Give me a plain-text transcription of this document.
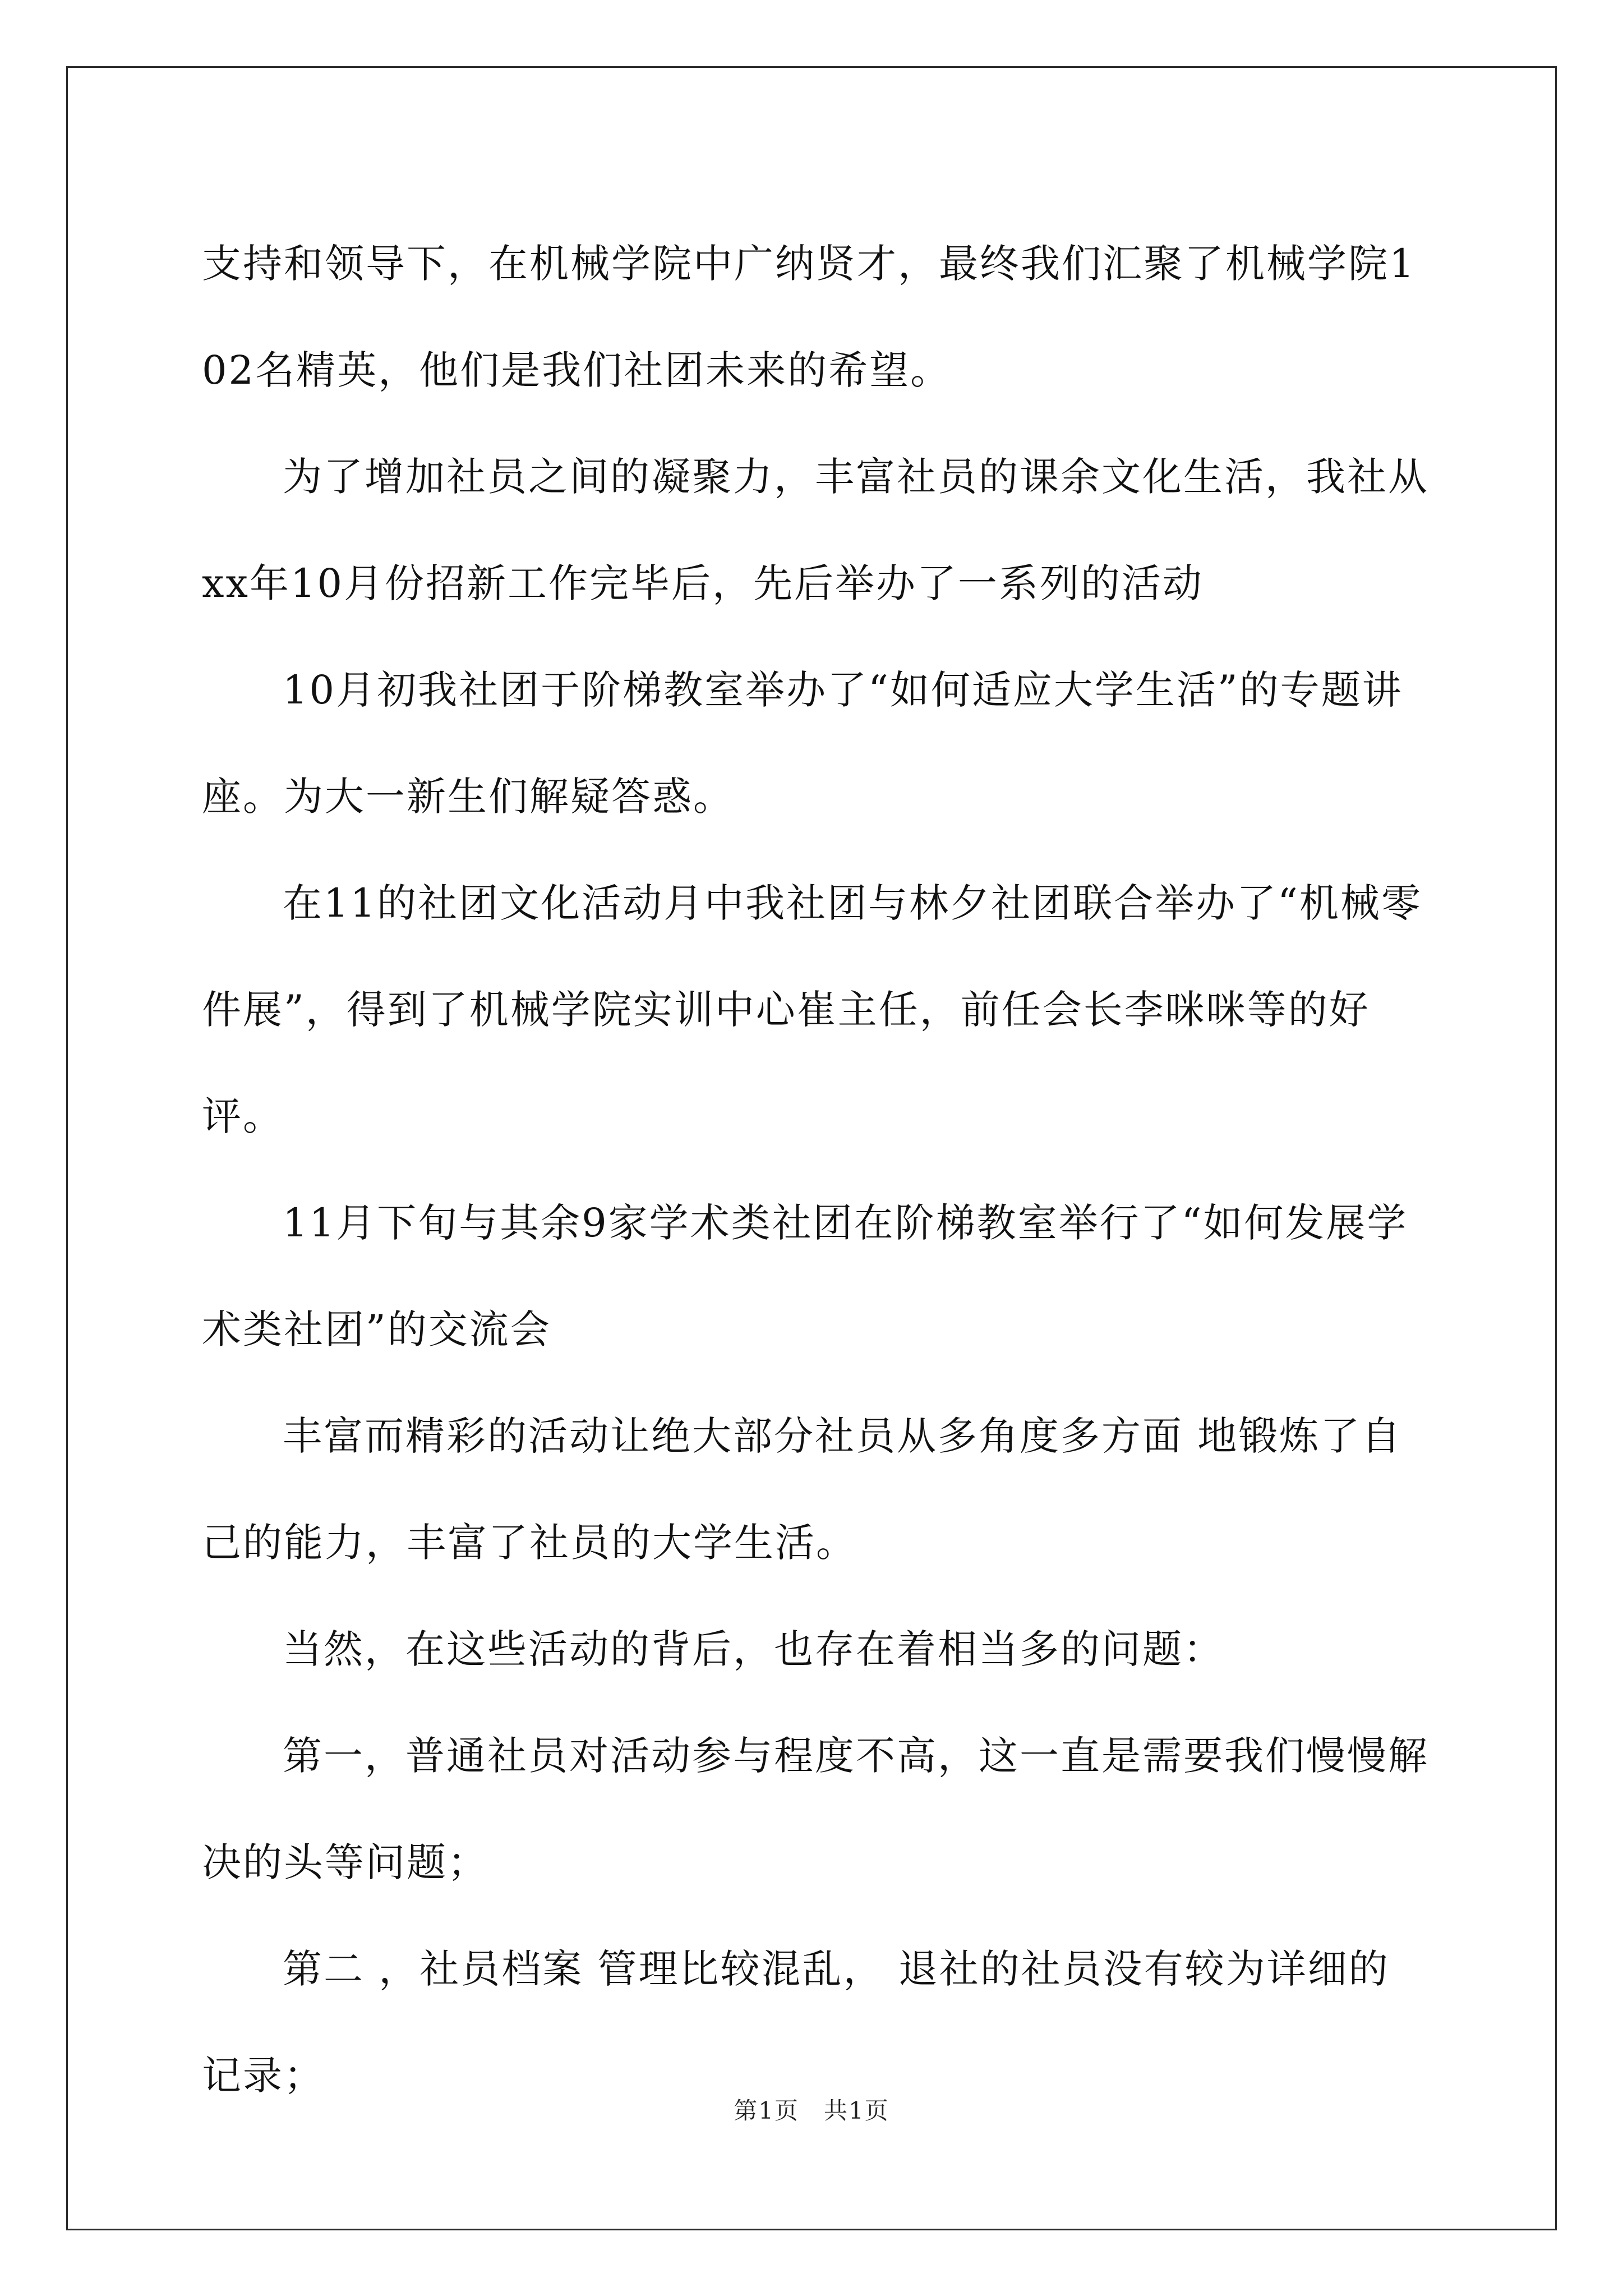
支持和领导下，在机械学院中广纳贤才，最终我们汇聚了机械学院102名精英，他们是我们社团未来的希望。

为了增加社员之间的凝聚力，丰富社员的课余文化生活，我社从xx年10月份招新工作完毕后，先后举办了一系列的活动

10月初我社团于阶梯教室举办了“如何适应大学生活”的专题讲座。为大一新生们解疑答惑。

在11的社团文化活动月中我社团与林夕社团联合举办了“机械零件展”，得到了机械学院实训中心崔主任，前任会长李咪咪等的好评。

11月下旬与其余9家学术类社团在阶梯教室举行了“如何发展学术类社团”的交流会

丰富而精彩的活动让绝大部分社员从多角度多方面 地锻炼了自己的能力，丰富了社员的大学生活。

当然，在这些活动的背后，也存在着相当多的问题：

第一，普通社员对活动参与程度不高，这一直是需要我们慢慢解决的头等问题；

第二 ，社员档案 管理比较混乱， 退社的社员没有较为详细的记录；

第1页　共1页
